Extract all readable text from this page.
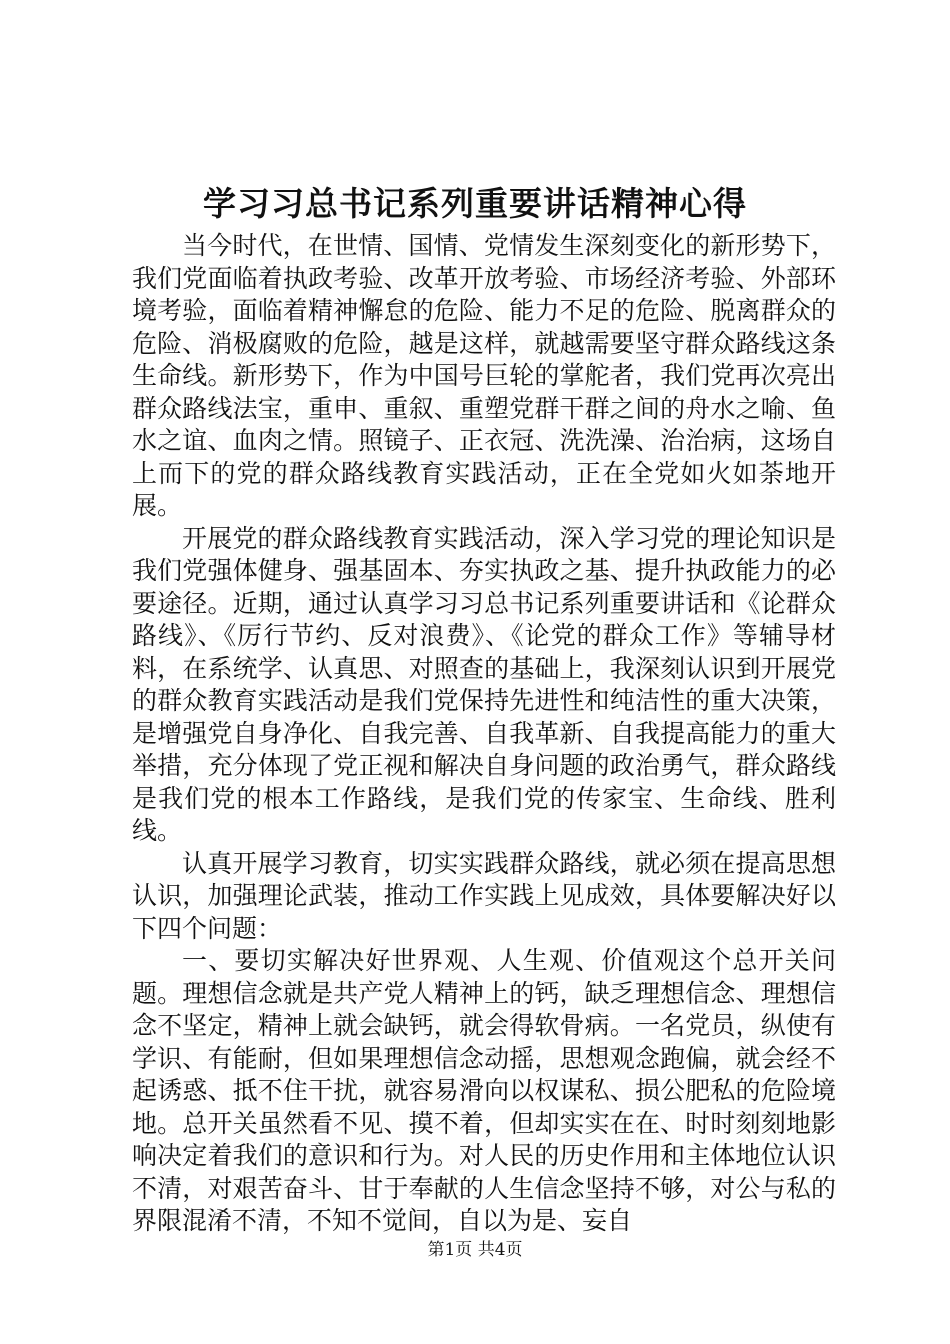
学习习总书记系列重要讲话精神心得

当今时代，在世情、国情、党情发生深刻变化的新形势下，我们党面临着执政考验、改革开放考验、市场经济考验、外部环境考验，面临着精神懈怠的危险、能力不足的危险、脱离群众的危险、消极腐败的危险，越是这样，就越需要坚守群众路线这条生命线。新形势下，作为中国号巨轮的掌舵者，我们党再次亮出群众路线法宝，重申、重叙、重塑党群干群之间的舟水之喻、鱼水之谊、血肉之情。照镜子、正衣冠、洗洗澡、治治病，这场自上而下的党的群众路线教育实践活动，正在全党如火如荼地开展。

开展党的群众路线教育实践活动，深入学习党的理论知识是我们党强体健身、强基固本、夯实执政之基、提升执政能力的必要途径。近期，通过认真学习习总书记系列重要讲话和《论群众路线》、《厉行节约、反对浪费》、《论党的群众工作》等辅导材料，在系统学、认真思、对照查的基础上，我深刻认识到开展党的群众教育实践活动是我们党保持先进性和纯洁性的重大决策，是增强党自身净化、自我完善、自我革新、自我提高能力的重大举措，充分体现了党正视和解决自身问题的政治勇气，群众路线是我们党的根本工作路线，是我们党的传家宝、生命线、胜利线。

认真开展学习教育，切实实践群众路线，就必须在提高思想认识，加强理论武装，推动工作实践上见成效，具体要解决好以下四个问题：

一、要切实解决好世界观、人生观、价值观这个总开关问题。理想信念就是共产党人精神上的钙，缺乏理想信念、理想信念不坚定，精神上就会缺钙，就会得软骨病。一名党员，纵使有学识、有能耐，但如果理想信念动摇，思想观念跑偏，就会经不起诱惑、抵不住干扰，就容易滑向以权谋私、损公肥私的危险境地。总开关虽然看不见、摸不着，但却实实在在、时时刻刻地影响决定着我们的意识和行为。对人民的历史作用和主体地位认识不清，对艰苦奋斗、甘于奉献的人生信念坚持不够，对公与私的界限混淆不清，不知不觉间，自以为是、妄自

第1页 共4页
